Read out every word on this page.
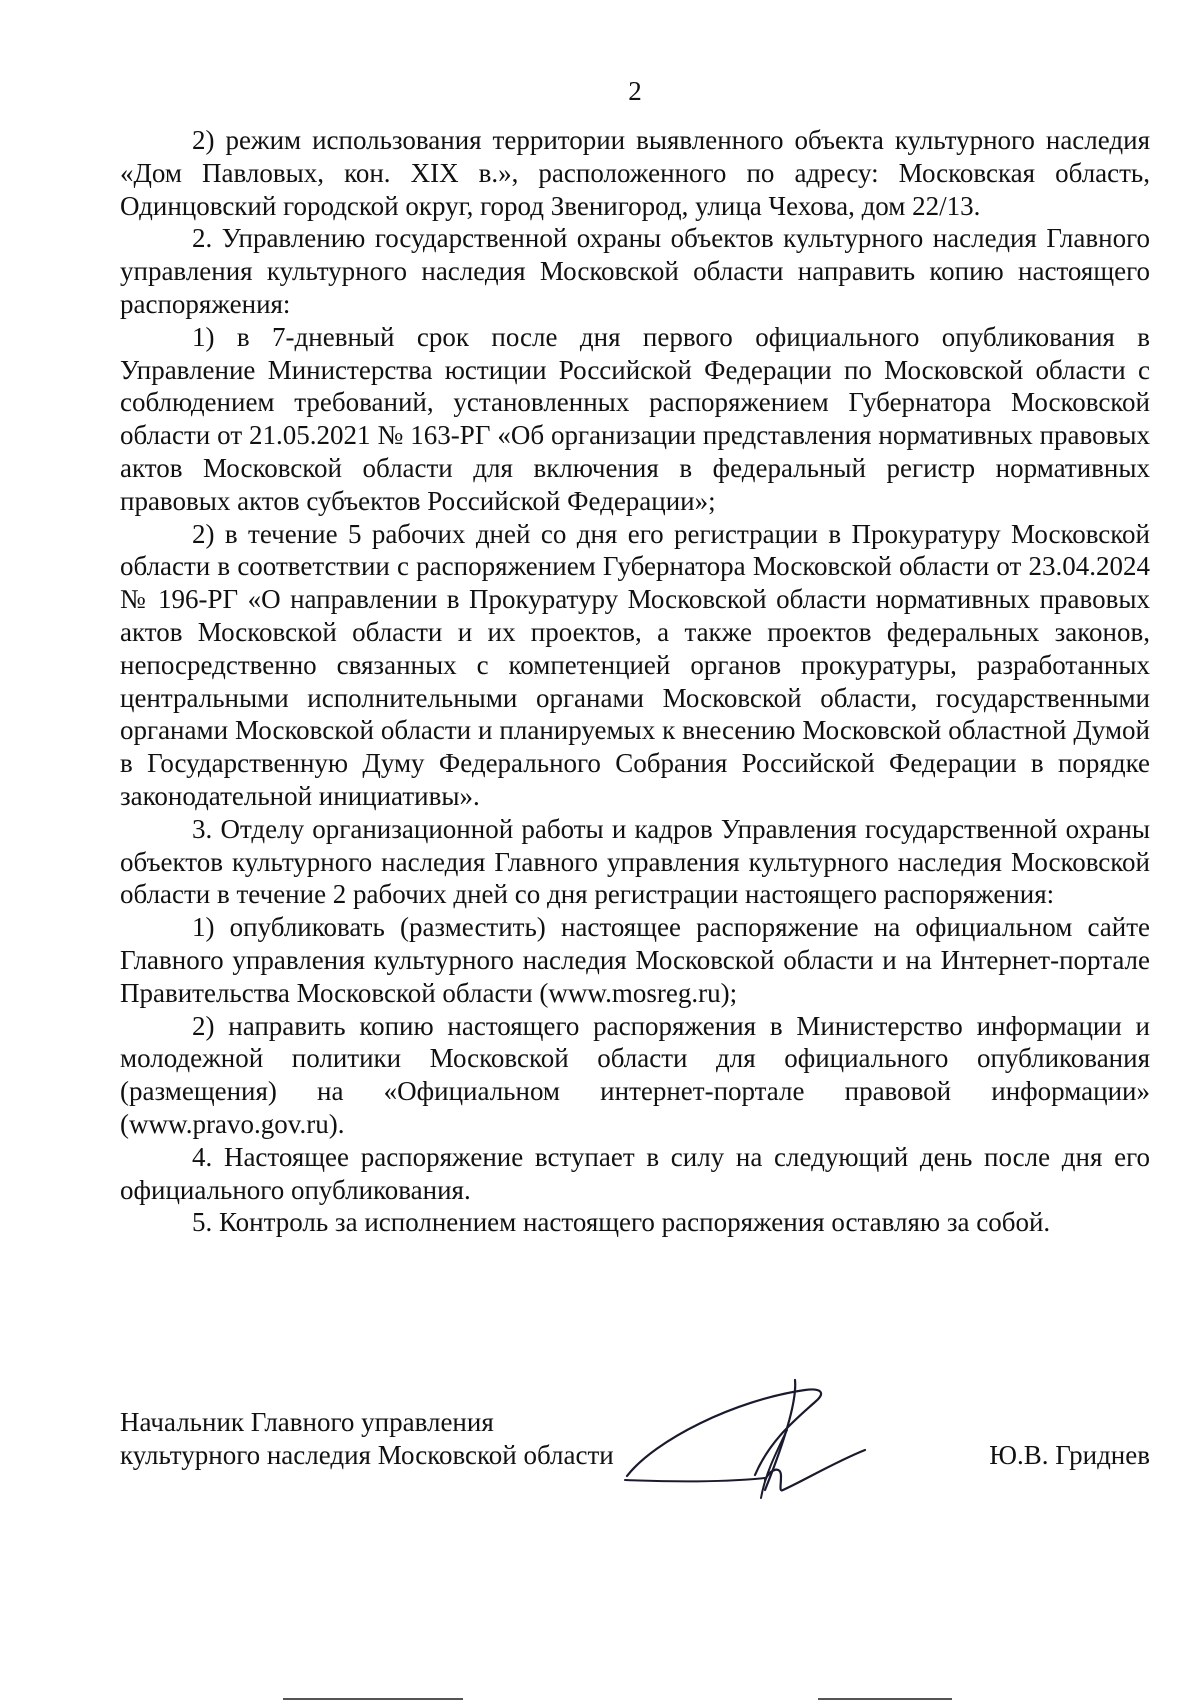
2

2) режим использования территории выявленного объекта культурного наследия «Дом Павловых, кон. XIX в.», расположенного по адресу: Московская область, Одинцовский городской округ, город Звенигород, улица Чехова, дом 22/13.

2. Управлению государственной охраны объектов культурного наследия Главного управления культурного наследия Московской области направить копию настоящего распоряжения:

1) в 7-дневный срок после дня первого официального опубликования в Управление Министерства юстиции Российской Федерации по Московской области с соблюдением требований, установленных распоряжением Губернатора Московской области от 21.05.2021 № 163-РГ «Об организации представления нормативных правовых актов Московской области для включения в федеральный регистр нормативных правовых актов субъектов Российской Федерации»;

2) в течение 5 рабочих дней со дня его регистрации в Прокуратуру Московской области в соответствии с распоряжением Губернатора Московской области от 23.04.2024 № 196-РГ «О направлении в Прокуратуру Московской области нормативных правовых актов Московской области и их проектов, а также проектов федеральных законов, непосредственно связанных с компетенцией органов прокуратуры, разработанных центральными исполнительными органами Московской области, государственными органами Московской области и планируемых к внесению Московской областной Думой в Государственную Думу Федерального Собрания Российской Федерации в порядке законодательной инициативы».

3. Отделу организационной работы и кадров Управления государственной охраны объектов культурного наследия Главного управления культурного наследия Московской области в течение 2 рабочих дней со дня регистрации настоящего распоряжения:

1) опубликовать (разместить) настоящее распоряжение на официальном сайте Главного управления культурного наследия Московской области и на Интернет-портале Правительства Московской области (www.mosreg.ru);

2) направить копию настоящего распоряжения в Министерство информации и молодежной политики Московской области для официального опубликования (размещения) на «Официальном интернет-портале правовой информации» (www.pravo.gov.ru).

4. Настоящее распоряжение вступает в силу на следующий день после дня его официального опубликования.

5. Контроль за исполнением настоящего распоряжения оставляю за собой.

Начальник Главного управления
культурного наследия Московской области	Ю.В. Гриднев
